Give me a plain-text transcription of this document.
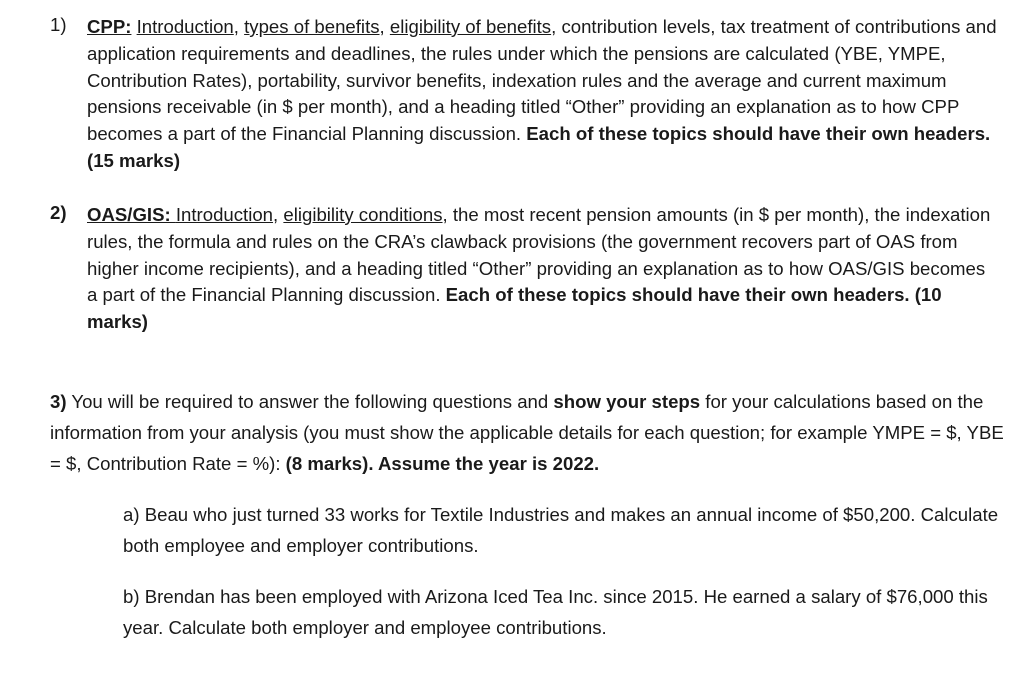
1) CPP: Introduction, types of benefits, eligibility of benefits, contribution levels, tax treatment of contributions and application requirements and deadlines, the rules under which the pensions are calculated (YBE, YMPE, Contribution Rates), portability, survivor benefits, indexation rules and the average and current maximum pensions receivable (in $ per month), and a heading titled “Other” providing an explanation as to how CPP becomes a part of the Financial Planning discussion. Each of these topics should have their own headers. (15 marks)
2) OAS/GIS: Introduction, eligibility conditions, the most recent pension amounts (in $ per month), the indexation rules, the formula and rules on the CRA’s clawback provisions (the government recovers part of OAS from higher income recipients), and a heading titled “Other” providing an explanation as to how OAS/GIS becomes a part of the Financial Planning discussion. Each of these topics should have their own headers. (10 marks)
3) You will be required to answer the following questions and show your steps for your calculations based on the information from your analysis (you must show the applicable details for each question; for example YMPE = $, YBE = $, Contribution Rate = %): (8 marks). Assume the year is 2022.
a) Beau who just turned 33 works for Textile Industries and makes an annual income of $50,200. Calculate both employee and employer contributions.
b) Brendan has been employed with Arizona Iced Tea Inc. since 2015. He earned a salary of $76,000 this year. Calculate both employer and employee contributions.
